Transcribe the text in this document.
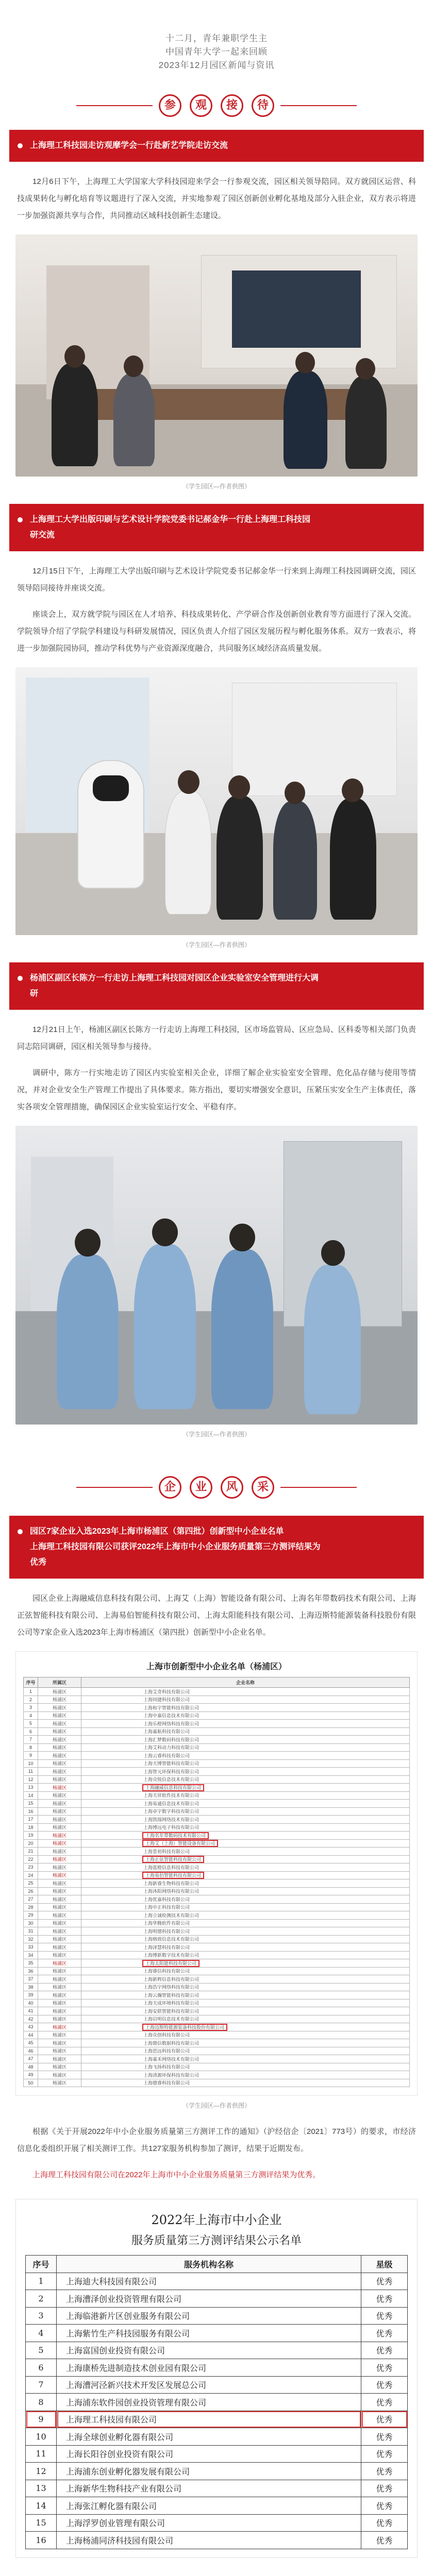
十二月，青年兼职学生主

中国青年大学一起来回顾

2023年12月园区新闻与资讯

参	观	接	待
上海理工科技园走访观摩学会一行赴新艺学院走访交流

12月6日下午，上海理工大学国家大学科技园迎来学会一行参观交流，园区相关领导陪同。双方就园区运营、科技成果转化与孵化培育等议题进行了深入交流，并实地参观了园区创新创业孵化基地及部分入驻企业，双方表示将进一步加强资源共享与合作，共同推动区域科技创新生态建设。

（学生园区—作者供图）
上海理工大学出版印刷与艺术设计学院党委书记郝金华一行赴上海理工科技园
研交流

12月15日下午，上海理工大学出版印刷与艺术设计学院党委书记郝金华一行来到上海理工科技园调研交流，园区领导陪同接待并座谈交流。

座谈会上，双方就学院与园区在人才培养、科技成果转化、产学研合作及创新创业教育等方面进行了深入交流。学院领导介绍了学院学科建设与科研发展情况，园区负责人介绍了园区发展历程与孵化服务体系。双方一致表示，将进一步加强院园协同，推动学科优势与产业资源深度融合，共同服务区域经济高质量发展。

（学生园区—作者供图）
杨浦区副区长陈方一行走访上海理工科技园对园区企业实验室安全管理进行大调
研

12月21日上午，杨浦区副区长陈方一行走访上海理工科技园，区市场监管局、区应急局、区科委等相关部门负责同志陪同调研，园区相关领导参与接待。

调研中，陈方一行实地走访了园区内实验室相关企业，详细了解企业实验室安全管理、危化品存储与使用等情况，并对企业安全生产管理工作提出了具体要求。陈方指出，要切实增强安全意识，压紧压实安全生产主体责任，落实各项安全管理措施，确保园区企业实验室运行安全、平稳有序。

（学生园区—作者供图）
企	业	风	采
园区7家企业入选2023年上海市杨浦区（第四批）创新型中小企业名单
上海理工科技园有限公司获评2022年上海市中小企业服务质量第三方测评结果为
优秀

园区企业上海融威信息科技有限公司、上海艾（上海）智能设备有限公司、上海名年带数码技术有限公司、上海正弦智能科技有限公司、上海易伯智能科技有限公司、上海太阳能科技有限公司、上海迈斯特能源装备科技股份有限公司等7家企业入选2023年上海市杨浦区（第四批）创新型中小企业名单。

上海市创新型中小企业名单（杨浦区）
序号	所属区	企业名称
1	杨浦区	上海艾奇科技有限公司
2	杨浦区	上海同捷科技有限公司
3	杨浦区	上海和宇智能科技有限公司
4	杨浦区	上海中嘉信息技术有限公司
5	杨浦区	上海乐橙网络科技有限公司
6	杨浦区	上海嘉航科技有限公司
7	杨浦区	上海汇梦数码科技有限公司
8	杨浦区	上海艾科动力科技有限公司
9	杨浦区	上海云睿科技有限公司
10	杨浦区	上海天博智能科技有限公司
11	杨浦区	上海智元环保科技有限公司
12	杨浦区	上海众锐信息技术有限公司
13	杨浦区	上海融威信息科技有限公司
14	杨浦区	上海天祥软件技术有限公司
15	杨浦区	上海易通信息技术有限公司
16	杨浦区	上海卓宇数字科技有限公司
17	杨浦区	上海凯瑞网络技术有限公司
18	杨浦区	上海博远电子科技有限公司
19	杨浦区	上海名年带数码技术有限公司
20	杨浦区	上海艾（上海）智能设备有限公司
21	杨浦区	上海景初科技有限公司
22	杨浦区	上海正弦智能科技有限公司
23	杨浦区	上海蓝橙信息科技有限公司
24	杨浦区	上海易伯智能科技有限公司
25	杨浦区	上海新睿生物科技有限公司
26	杨浦区	上海沐阳网络科技有限公司
27	杨浦区	上海优嘉科技有限公司
28	杨浦区	上海中正科技有限公司
29	杨浦区	上海立诚检测技术有限公司
30	杨浦区	上海华腾软件有限公司
31	杨浦区	上海明德科技有限公司
32	杨浦区	上海格致信息技术有限公司
33	杨浦区	上海泽慧科技有限公司
34	杨浦区	上海博新数字技术有限公司
35	杨浦区	上海太阳能科技有限公司
36	杨浦区	上海睿信科技有限公司
37	杨浦区	上海新辉信息科技有限公司
38	杨浦区	上海浩宇网络科技有限公司
39	杨浦区	上海云瀚智能科技有限公司
40	杨浦区	上海天成环境科技有限公司
41	杨浦区	上海安联智能科技有限公司
42	杨浦区	上海启明信息技术有限公司
43	杨浦区	上海迈斯特能源装备科技股份有限公司
44	杨浦区	上海众创科技有限公司
45	杨浦区	上海鼎信数据科技有限公司
46	杨浦区	上海思远科技有限公司
47	杨浦区	上海嘉禾网络技术有限公司
48	杨浦区	上海飞扬科技有限公司
49	杨浦区	上海清源环保科技有限公司
50	杨浦区	上海德睿科技有限公司
（学生园区—作者供图）

根据《关于开展2022年中小企业服务质量第三方测评工作的通知》（沪经信企〔2021〕773号）的要求，市经济信息化委组织开展了相关测评工作。共127家服务机构参加了测评，结果于近期发布。

上海理工科技园有限公司在2022年上海市中小企业服务质量第三方测评结果为优秀。

2022年上海市中小企业
服务质量第三方测评结果公示名单
序号	服务机构名称	星级
1	上海迪大科技园有限公司	优秀
2	上海漕泽创业投资管理有限公司	优秀
3	上海临港新片区创业服务有限公司	优秀
4	上海紫竹生产科技园服务有限公司	优秀
5	上海富国创业投资有限公司	优秀
6	上海康桥先进制造技术创业园有限公司	优秀
7	上海漕河泾新兴技术开发区发展总公司	优秀
8	上海浦东软件园创业投资管理有限公司	优秀
9	上海理工科技园有限公司	优秀
10	上海全球创业孵化器有限公司	优秀
11	上海长阳谷创业投资有限公司	优秀
12	上海浦东创业孵化器发展有限公司	优秀
13	上海新华生物科技产业有限公司	优秀
14	上海张江孵化器有限公司	优秀
15	上海浮罗创业管理有限公司	优秀
16	上海杨浦同济科技园有限公司	优秀
